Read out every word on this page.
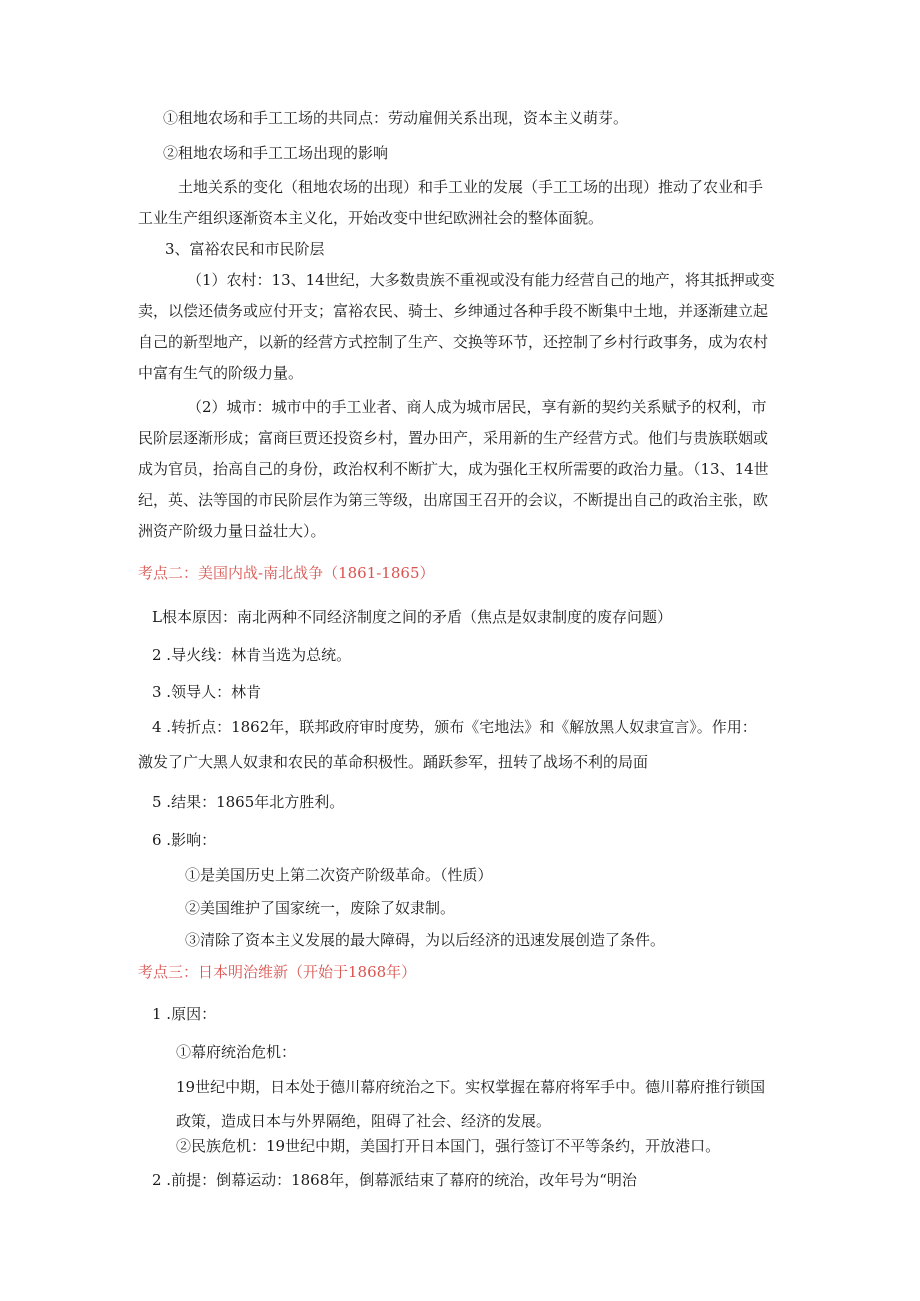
①租地农场和手工工场的共同点：劳动雇佣关系出现，资本主义萌芽。
②租地农场和手工工场出现的影响
土地关系的变化（租地农场的出现）和手工业的发展（手工工场的出现）推动了农业和手
工业生产组织逐渐资本主义化，开始改变中世纪欧洲社会的整体面貌。
3、富裕农民和市民阶层
（1）农村：13、14世纪，大多数贵族不重视或没有能力经营自己的地产，将其抵押或变
卖，以偿还债务或应付开支；富裕农民、骑士、乡绅通过各种手段不断集中土地，并逐渐建立起
自己的新型地产，以新的经营方式控制了生产、交换等环节，还控制了乡村行政事务，成为农村
中富有生气的阶级力量。
（2）城市：城市中的手工业者、商人成为城市居民，享有新的契约关系赋予的权利，市
民阶层逐渐形成；富商巨贾还投资乡村，置办田产，采用新的生产经营方式。他们与贵族联姻或
成为官员，抬高自己的身份，政治权利不断扩大，成为强化王权所需要的政治力量。（13、14世
纪，英、法等国的市民阶层作为第三等级，出席国王召开的会议，不断提出自己的政治主张，欧
洲资产阶级力量日益壮大）。
考点二：美国内战-南北战争（1861-1865）
L根本原因：南北两种不同经济制度之间的矛盾（焦点是奴隶制度的废存问题）
2 .导火线：林肯当选为总统。
3 .领导人：林肯
4 .转折点：1862年，联邦政府审时度势，颁布《宅地法》和《解放黑人奴隶宣言》。作用：
激发了广大黑人奴隶和农民的革命积极性。踊跃参军，扭转了战场不利的局面
5 .结果：1865年北方胜利。
6 .影响：
①是美国历史上第二次资产阶级革命。（性质）
②美国维护了国家统一，废除了奴隶制。
③清除了资本主义发展的最大障碍，为以后经济的迅速发展创造了条件。
考点三：日本明治维新（开始于1868年）
1 .原因：
①幕府统治危机：
19世纪中期，日本处于德川幕府统治之下。实权掌握在幕府将军手中。德川幕府推行锁国
政策，造成日本与外界隔绝，阻碍了社会、经济的发展。
②民族危机：19世纪中期，美国打开日本国门，强行签订不平等条约，开放港口。
2 .前提：倒幕运动：1868年，倒幕派结束了幕府的统治，改年号为“明治
